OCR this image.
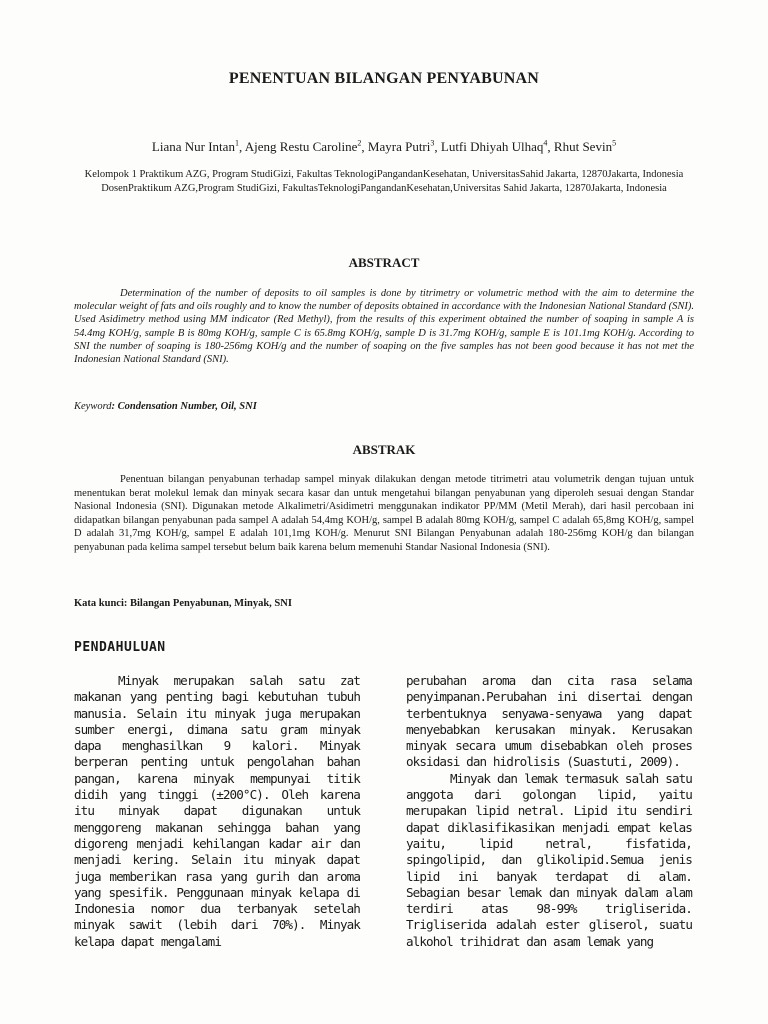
PENENTUAN BILANGAN PENYABUNAN
Liana Nur Intan$^1$, Ajeng Restu Caroline$^2$, Mayra Putri$^3$, Lutfi Dhiyah Ulhaq$^4$, Rhut Sevin$^5$
Kelompok 1 Praktikum AZG, Program StudiGizi, Fakultas TeknologiPangandanKesehatan, UniversitasSahid Jakarta, 12870Jakarta, Indonesia
DosenPraktikum AZG,Program StudiGizi, FakultasTeknologiPangandanKesehatan,Universitas Sahid Jakarta, 12870Jakarta, Indonesia
ABSTRACT
Determination of the number of deposits to oil samples is done by titrimetry or volumetric method with the aim to determine the molecular weight of fats and oils roughly and to know the number of deposits obtained in accordance with the Indonesian National Standard (SNI). Used Asidimetry method using MM indicator (Red Methyl), from the results of this experiment obtained the number of soaping in sample A is 54.4mg KOH/g, sample B is 80mg KOH/g, sample C is 65.8mg KOH/g, sample D is 31.7mg KOH/g, sample E is 101.1mg KOH/g. According to SNI the number of soaping is 180-256mg KOH/g and the number of soaping on the five samples has not been good because it has not met the Indonesian National Standard (SNI).
Keyword: Condensation Number, Oil, SNI
ABSTRAK
Penentuan bilangan penyabunan terhadap sampel minyak dilakukan dengan metode titrimetri atau volumetrik dengan tujuan untuk menentukan berat molekul lemak dan minyak secara kasar dan untuk mengetahui bilangan penyabunan yang diperoleh sesuai dengan Standar Nasional Indonesia (SNI). Digunakan metode Alkalimetri/Asidimetri menggunakan indikator PP/MM (Metil Merah), dari hasil percobaan ini didapatkan bilangan penyabunan pada sampel A adalah 54,4mg KOH/g, sampel B adalah 80mg KOH/g, sampel C adalah 65,8mg KOH/g, sampel D adalah 31,7mg KOH/g, sampel E adalah 101,1mg KOH/g. Menurut SNI Bilangan Penyabunan adalah 180-256mg KOH/g dan bilangan penyabunan pada kelima sampel tersebut belum baik karena belum memenuhi Standar Nasional Indonesia (SNI).
Kata kunci: Bilangan Penyabunan, Minyak, SNI
PENDAHULUAN

Minyak merupakan salah satu zat makanan yang penting bagi kebutuhan tubuh manusia. Selain itu minyak juga merupakan sumber energi, dimana satu gram minyak dapa menghasilkan 9 kalori. Minyak berperan penting untuk pengolahan bahan pangan, karena minyak mempunyai titik didih yang tinggi (±200°C). Oleh karena itu minyak dapat digunakan untuk menggoreng makanan sehingga bahan yang digoreng menjadi kehilangan kadar air dan menjadi kering. Selain itu minyak dapat juga memberikan rasa yang gurih dan aroma yang spesifik. Penggunaan minyak kelapa di Indonesia nomor dua terbanyak setelah minyak sawit (lebih dari 70%). Minyak kelapa dapat mengalami

perubahan aroma dan cita rasa selama penyimpanan.Perubahan ini disertai dengan terbentuknya senyawa-senyawa yang dapat menyebabkan kerusakan minyak. Kerusakan minyak secara umum disebabkan oleh proses oksidasi dan hidrolisis (Suastuti, 2009).

Minyak dan lemak termasuk salah satu anggota dari golongan lipid, yaitu merupakan lipid netral. Lipid itu sendiri dapat diklasifikasikan menjadi empat kelas yaitu, lipid netral, fisfatida, spingolipid, dan glikolipid.Semua jenis lipid ini banyak terdapat di alam. Sebagian besar lemak dan minyak dalam alam terdiri atas 98-99% trigliserida. Trigliserida adalah ester gliserol, suatu alkohol trihidrat dan asam lemak yang
